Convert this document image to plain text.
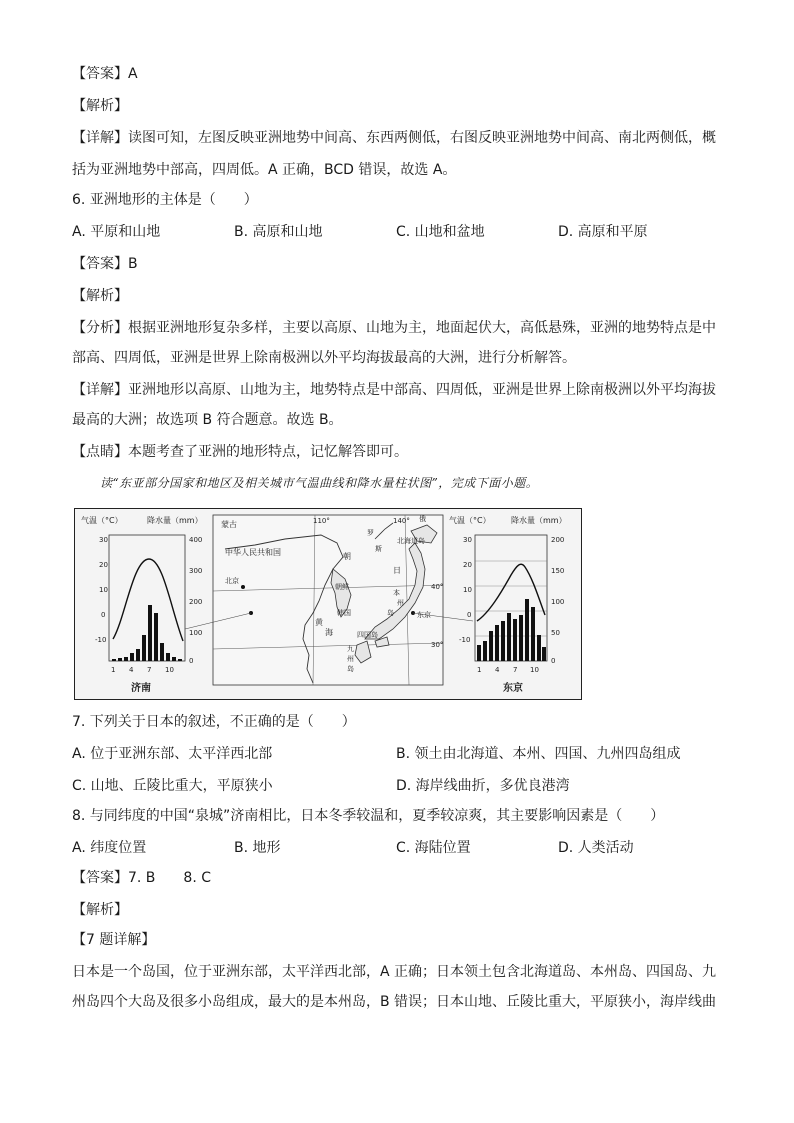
【答案】A
【解析】
【详解】读图可知，左图反映亚洲地势中间高、东西两侧低，右图反映亚洲地势中间高、南北两侧低，概
括为亚洲地势中部高，四周低。A 正确，BCD 错误，故选 A。
6. 亚洲地形的主体是（　　）
A. 平原和山地	B. 高原和山地	C. 山地和盆地	D. 高原和平原
【答案】B
【解析】
【分析】根据亚洲地形复杂多样，主要以高原、山地为主，地面起伏大，高低悬殊，亚洲的地势特点是中
部高、四周低，亚洲是世界上除南极洲以外平均海拔最高的大洲，进行分析解答。
【详解】亚洲地形以高原、山地为主，地势特点是中部高、四周低，亚洲是世界上除南极洲以外平均海拔
最高的大洲；故选项 B 符合题意。故选 B。
【点睛】本题考查了亚洲的地形特点，记忆解答即可。
读“东亚部分国家和地区及相关城市气温曲线和降水量柱状图”，完成下面小题。
气温（°C）	降水量（mm）
30
20
10
0
-10
400
300
200
100
0
1 4 7 10
济南
蒙古	110°	140° 俄
罗
斯
中华人民共和国
北京
朝
日
北海道岛
朝鲜
韩国
黄
海
本
州
岛	东京
九
州
岛
四国岛
30°
40°
气温（°C）	降水量（mm）
30
20
10
0
-10
200
150
100
50
0
1 4 7 10
东京
7. 下列关于日本的叙述，不正确的是（　　）
A. 位于亚洲东部、太平洋西北部	B. 领土由北海道、本州、四国、九州四岛组成
C. 山地、丘陵比重大，平原狭小	D. 海岸线曲折，多优良港湾
8. 与同纬度的中国“泉城”济南相比，日本冬季较温和，夏季较凉爽，其主要影响因素是（　　）
A. 纬度位置	B. 地形	C. 海陆位置	D. 人类活动
【答案】7. B　　8. C
【解析】
【7 题详解】
日本是一个岛国，位于亚洲东部，太平洋西北部，A 正确；日本领土包含北海道岛、本州岛、四国岛、九
州岛四个大岛及很多小岛组成，最大的是本州岛，B 错误；日本山地、丘陵比重大，平原狭小，海岸线曲
